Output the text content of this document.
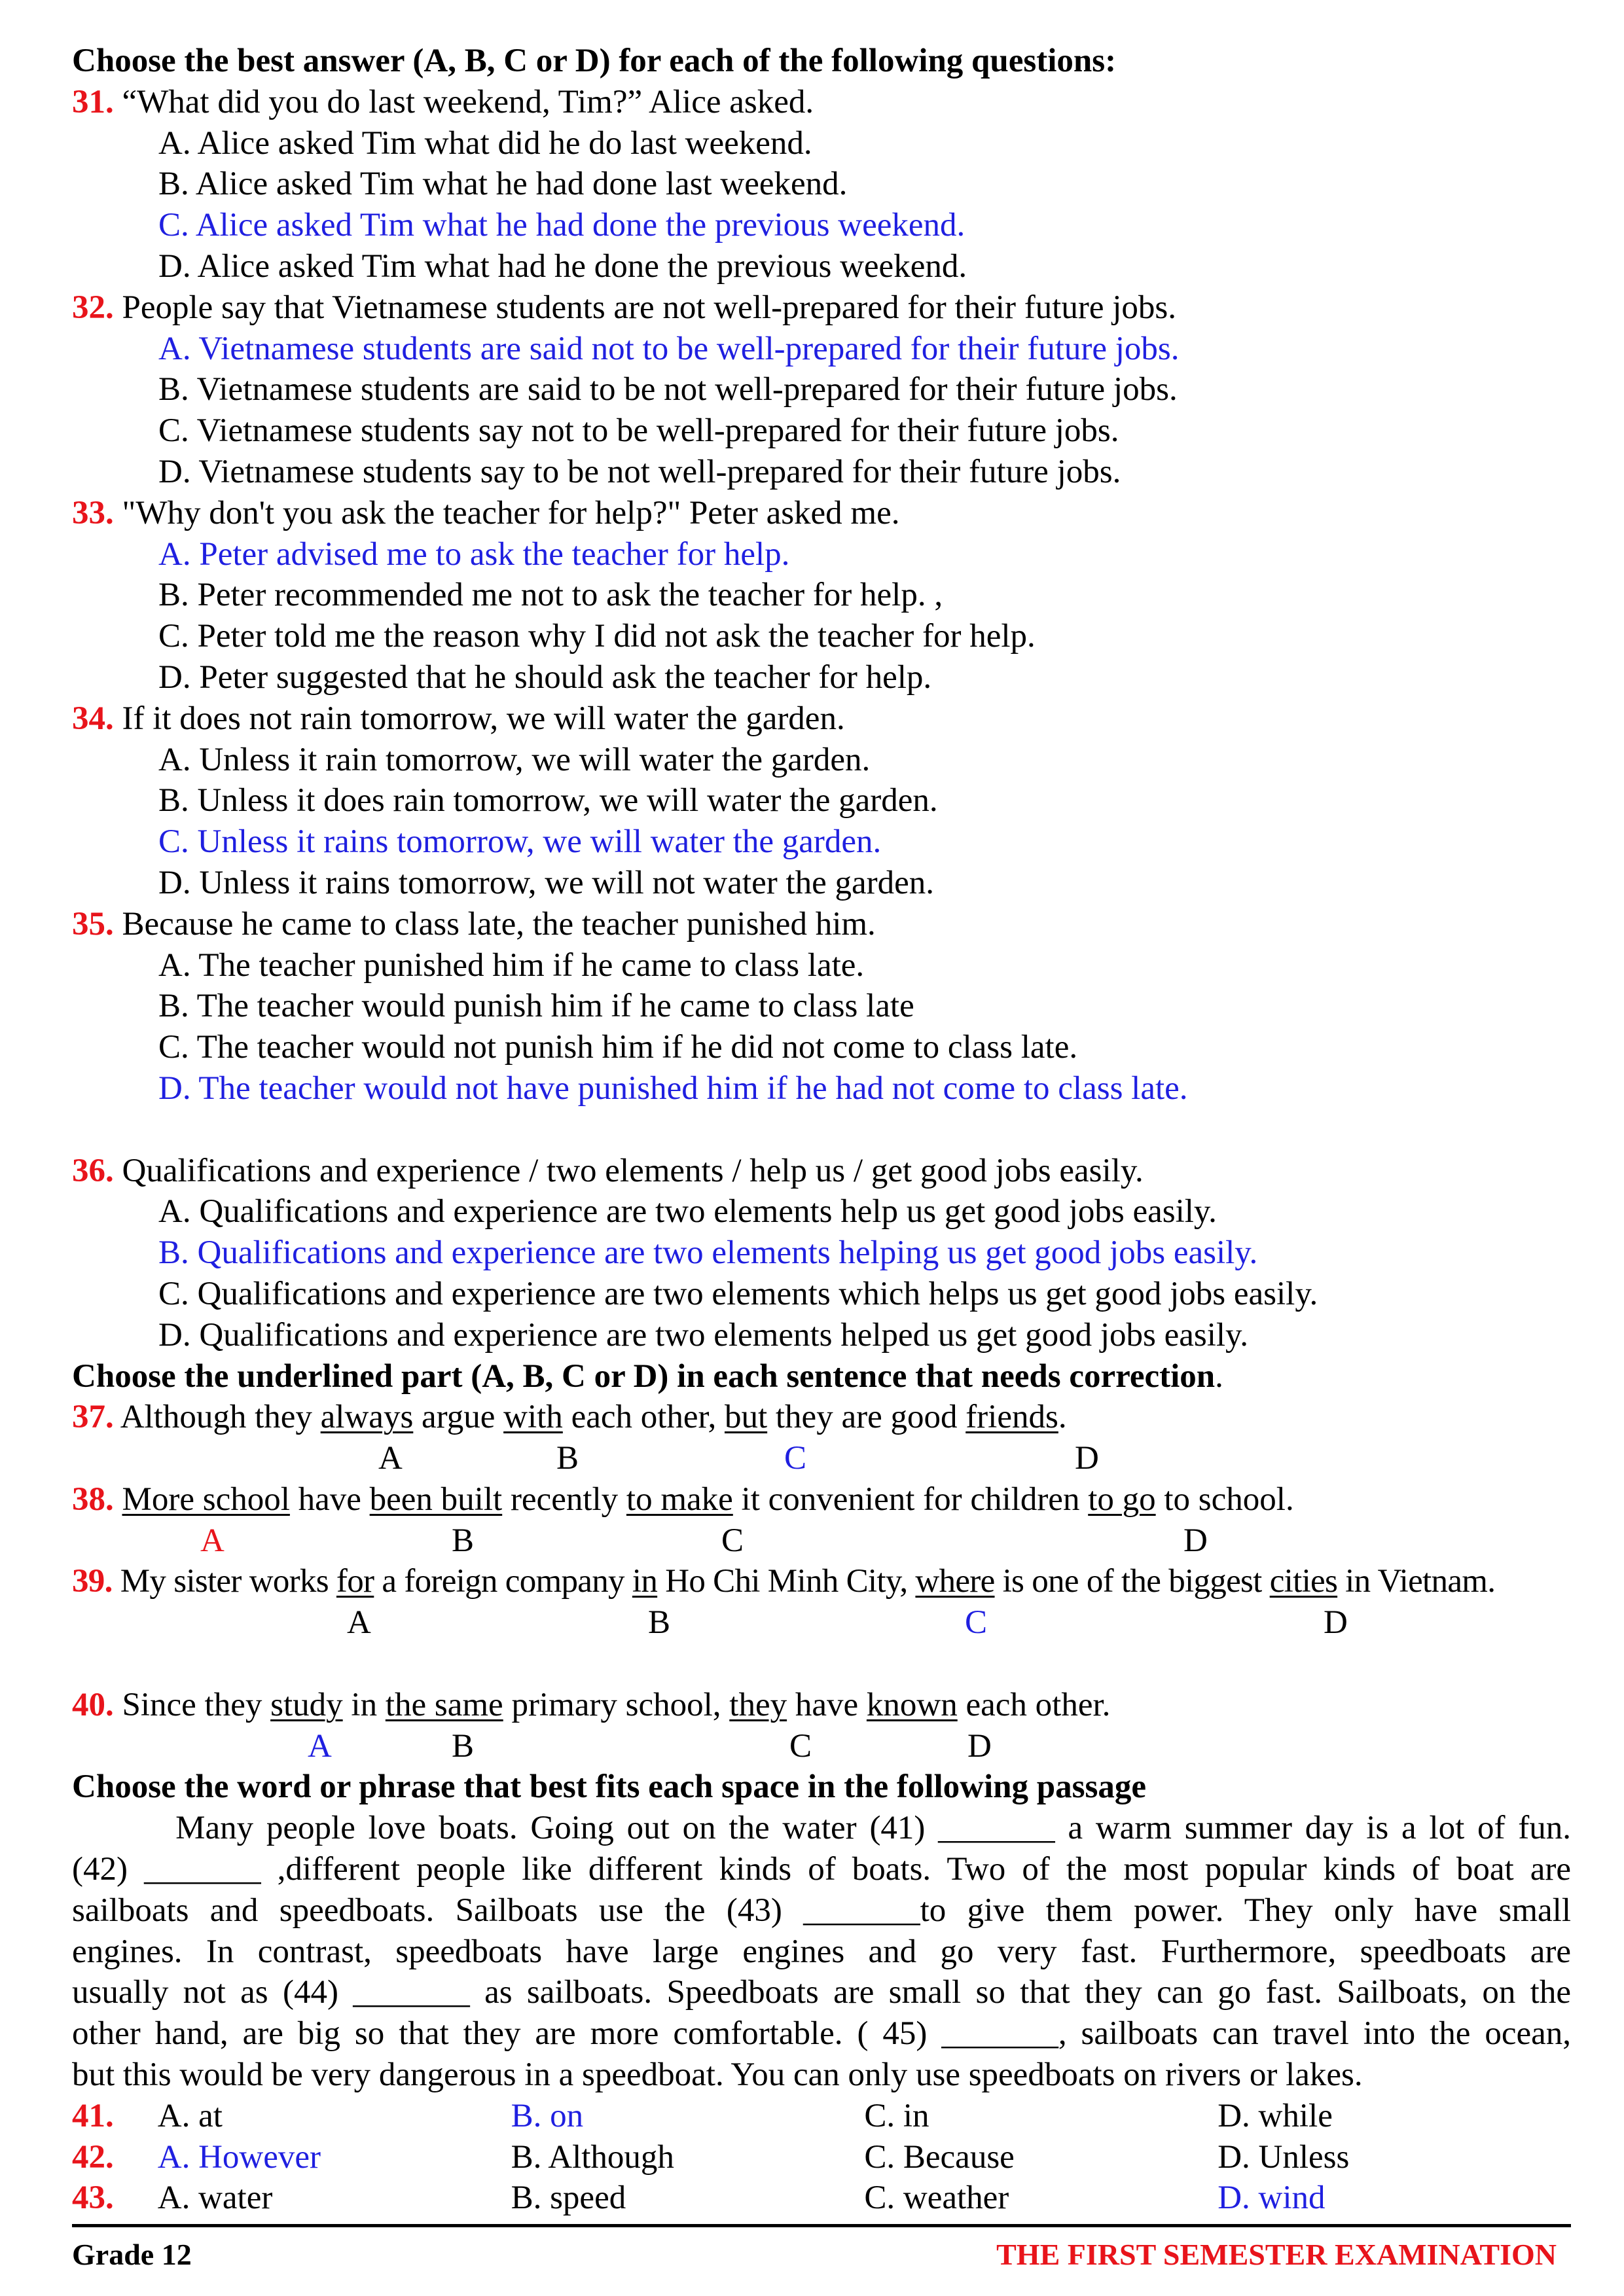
Choose the best answer (A, B, C or D) for each of the following questions:
31. “What did you do last weekend, Tim?” Alice asked.
A. Alice asked Tim what did he do last weekend.
B. Alice asked Tim what he had done last weekend.
C. Alice asked Tim what he had done the previous weekend.
D. Alice asked Tim what had he done the previous weekend.
32. People say that Vietnamese students are not well-prepared for their future jobs.
A. Vietnamese students are said not to be well-prepared for their future jobs.
B. Vietnamese students are said to be not well-prepared for their future jobs.
C. Vietnamese students say not to be well-prepared for their future jobs.
D. Vietnamese students say to be not well-prepared for their future jobs.
33. "Why don't you ask the teacher for help?" Peter asked me.
A. Peter advised me to ask the teacher for help.
B. Peter recommended me not to ask the teacher for help. ,
C. Peter told me the reason why I did not ask the teacher for help.
D. Peter suggested that he should ask the teacher for help.
34. If it does not rain tomorrow, we will water the garden.
A. Unless it rain tomorrow, we will water the garden.
B. Unless it does rain tomorrow, we will water the garden.
C. Unless it rains tomorrow, we will water the garden.
D. Unless it rains tomorrow, we will not water the garden.
35. Because he came to class late, the teacher punished him.
A. The teacher punished him if he came to class late.
B. The teacher would punish him if he came to class late
C. The teacher would not punish him if he did not come to class late.
D. The teacher would not have punished him if he had not come to class late.
36. Qualifications and experience / two elements / help us / get good jobs easily.
A. Qualifications and experience are two elements help us get good jobs easily.
B. Qualifications and experience are two elements helping us get good jobs easily.
C. Qualifications and experience are two elements which helps us get good jobs easily.
D. Qualifications and experience are two elements helped us get good jobs easily.
Choose the underlined part (A, B, C or D) in each sentence that needs correction.
37. Although they always argue with each other, but they are good friends.
A	B	C	D
38. More school have been built recently to make it convenient for children to go to school.
A	B	C	D
39. My sister works for a foreign company in Ho Chi Minh City, where is one of the biggest cities in Vietnam.
A	B	C	D
40. Since they study in the same primary school, they have known each other.
A	B	C	D
Choose the word or phrase that best fits each space in the following passage
Many people love boats. Going out on the water (41) _______ a warm summer day is a lot of fun.
(42) _______ ,different people like different kinds of boats. Two of the most popular kinds of boat are
sailboats and speedboats. Sailboats use the (43) _______to give them power. They only have small
engines. In contrast, speedboats have large engines and go very fast. Furthermore, speedboats are
usually not as (44) _______ as sailboats. Speedboats are small so that they can go fast. Sailboats, on the
other hand, are big so that they are more comfortable. ( 45) _______, sailboats can travel into the ocean,
but this would be very dangerous in a speedboat. You can only use speedboats on rivers or lakes.
41.	A. at	B. on	C. in	D. while
42.	A. However	B. Although	C. Because	D. Unless
43.	A. water	B. speed	C. weather	D. wind
Grade 12	THE FIRST SEMESTER EXAMINATION
